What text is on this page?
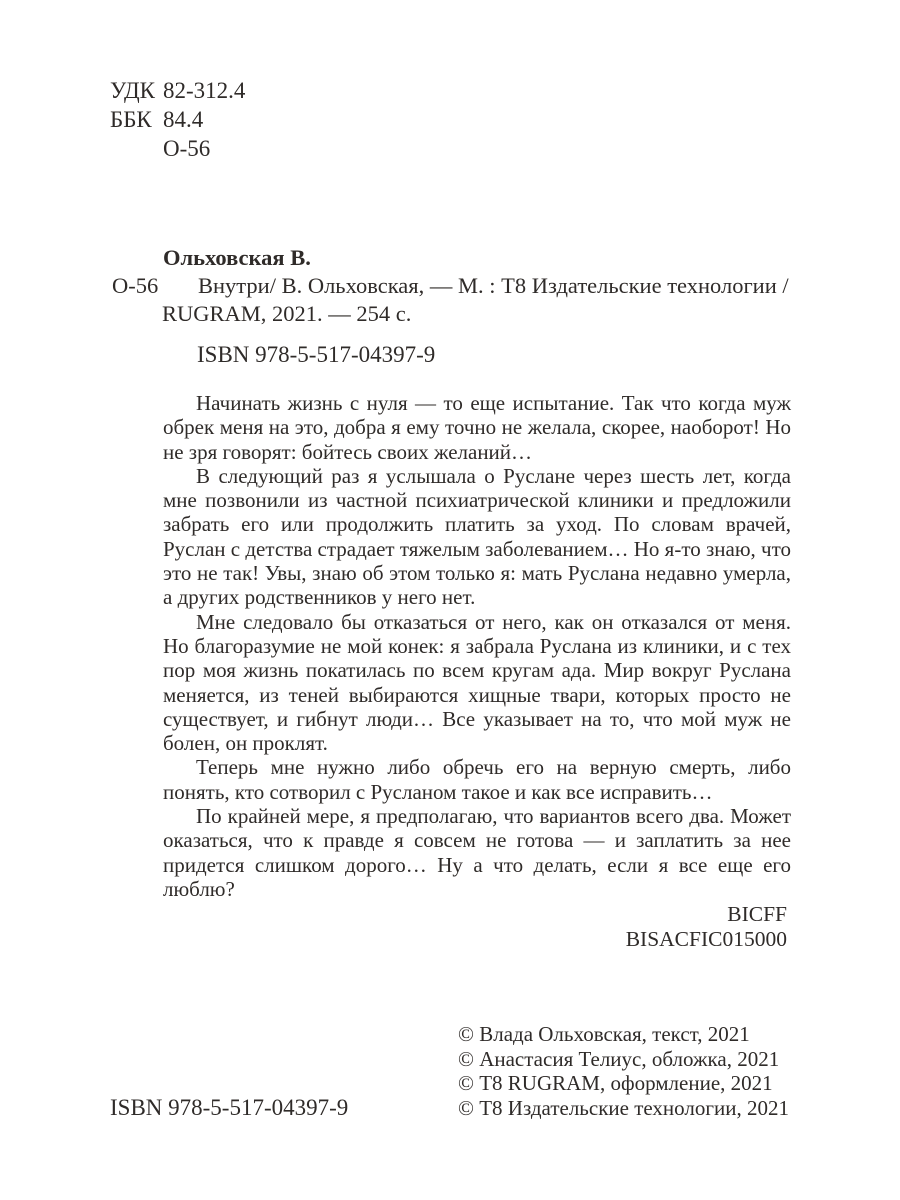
УДК 82-312.4
ББК 84.4
О-56
Ольховская В.
О-56	Внутри/ В. Ольховская, — М. : Т8 Издательские технологии / RUGRAM, 2021. — 254 с.
ISBN 978-5-517-04397-9

Начинать жизнь с нуля — то еще испытание. Так что когда муж обрек меня на это, добра я ему точно не желала, скорее, наоборот! Но не зря говорят: бойтесь своих желаний…

В следующий раз я услышала о Руслане через шесть лет, когда мне позвонили из частной психиатрической клиники и предложили забрать его или продолжить платить за уход. По словам врачей, Руслан с детства страдает тяжелым заболеванием… Но я-то знаю, что это не так! Увы, знаю об этом только я: мать Руслана недавно умерла, а других родственников у него нет.

Мне следовало бы отказаться от него, как он отказался от меня. Но благоразумие не мой конек: я забрала Руслана из клиники, и с тех пор моя жизнь покатилась по всем кругам ада. Мир вокруг Руслана меняется, из теней выбираются хищные твари, которых просто не существует, и гибнут люди… Все указывает на то, что мой муж не болен, он проклят.

Теперь мне нужно либо обречь его на верную смерть, либо понять, кто сотворил с Русланом такое и как все исправить…

По крайней мере, я предполагаю, что вариантов всего два. Может оказаться, что к правде я совсем не готова — и заплатить за нее придется слишком дорого… Ну а что делать, если я все еще его люблю?

BICFF
BISACFIC015000
ISBN 978-5-517-04397-9
© Влада Ольховская, текст, 2021
© Анастасия Телиус, обложка, 2021
© Т8 RUGRAM, оформление, 2021
© Т8 Издательские технологии, 2021
